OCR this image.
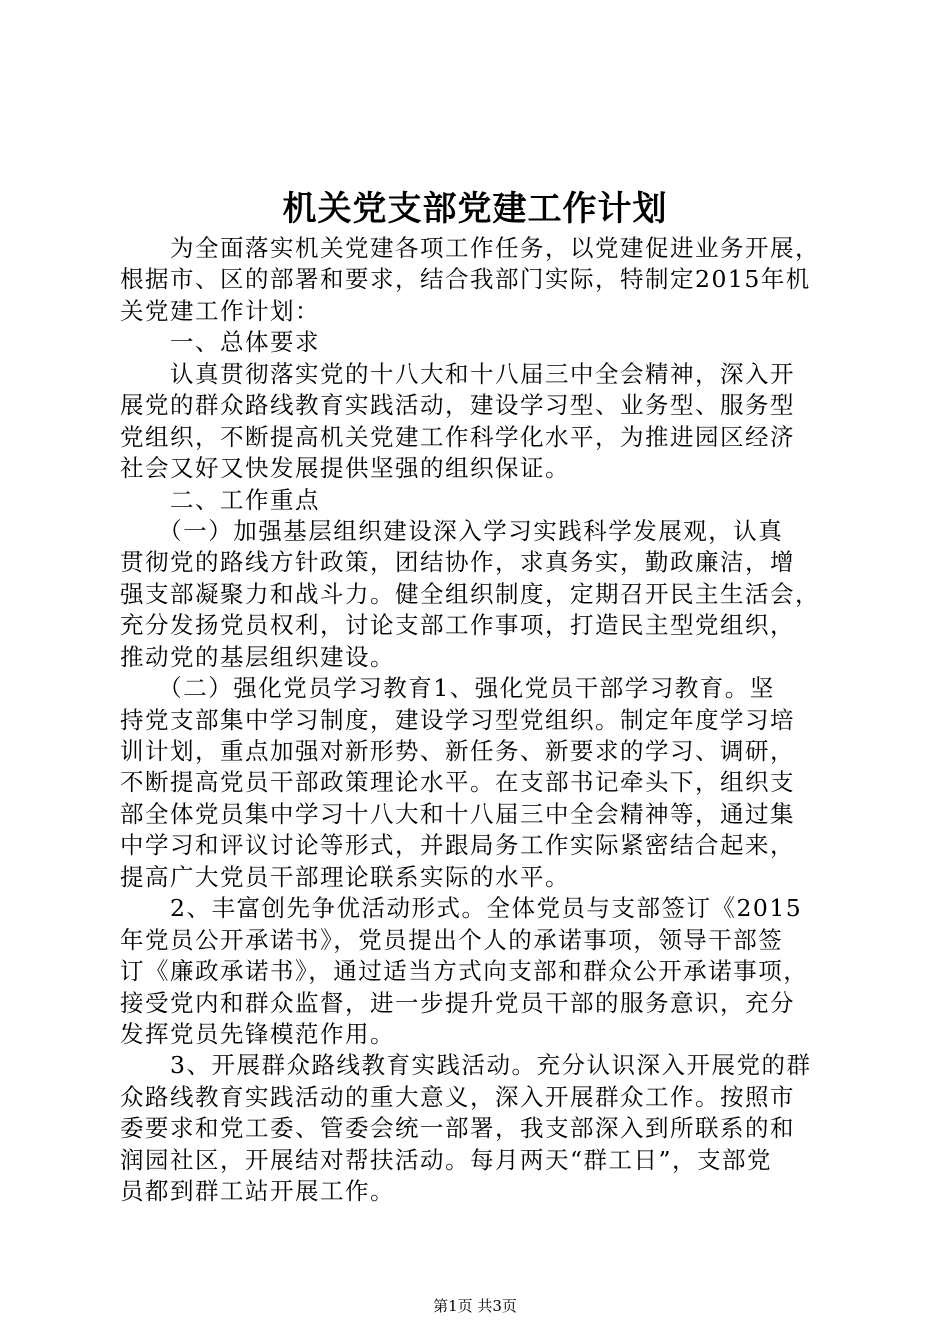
机关党支部党建工作计划
　　为全面落实机关党建各项工作任务，以党建促进业务开展，
根据市、区的部署和要求，结合我部门实际，特制定2015年机
关党建工作计划：
　　一、总体要求
　　认真贯彻落实党的十八大和十八届三中全会精神，深入开
展党的群众路线教育实践活动，建设学习型、业务型、服务型
党组织，不断提高机关党建工作科学化水平，为推进园区经济
社会又好又快发展提供坚强的组织保证。
　　二、工作重点
　　（一）加强基层组织建设深入学习实践科学发展观，认真
贯彻党的路线方针政策，团结协作，求真务实，勤政廉洁，增
强支部凝聚力和战斗力。健全组织制度，定期召开民主生活会，
充分发扬党员权利，讨论支部工作事项，打造民主型党组织，
推动党的基层组织建设。
　　（二）强化党员学习教育1、强化党员干部学习教育。坚
持党支部集中学习制度，建设学习型党组织。制定年度学习培
训计划，重点加强对新形势、新任务、新要求的学习、调研，
不断提高党员干部政策理论水平。在支部书记牵头下，组织支
部全体党员集中学习十八大和十八届三中全会精神等，通过集
中学习和评议讨论等形式，并跟局务工作实际紧密结合起来，
提高广大党员干部理论联系实际的水平。
　　2、丰富创先争优活动形式。全体党员与支部签订《2015
年党员公开承诺书》，党员提出个人的承诺事项，领导干部签
订《廉政承诺书》，通过适当方式向支部和群众公开承诺事项，
接受党内和群众监督，进一步提升党员干部的服务意识，充分
发挥党员先锋模范作用。
　　3、开展群众路线教育实践活动。充分认识深入开展党的群
众路线教育实践活动的重大意义，深入开展群众工作。按照市
委要求和党工委、管委会统一部署，我支部深入到所联系的和
润园社区，开展结对帮扶活动。每月两天“群工日”，支部党
员都到群工站开展工作。
第1页 共3页
